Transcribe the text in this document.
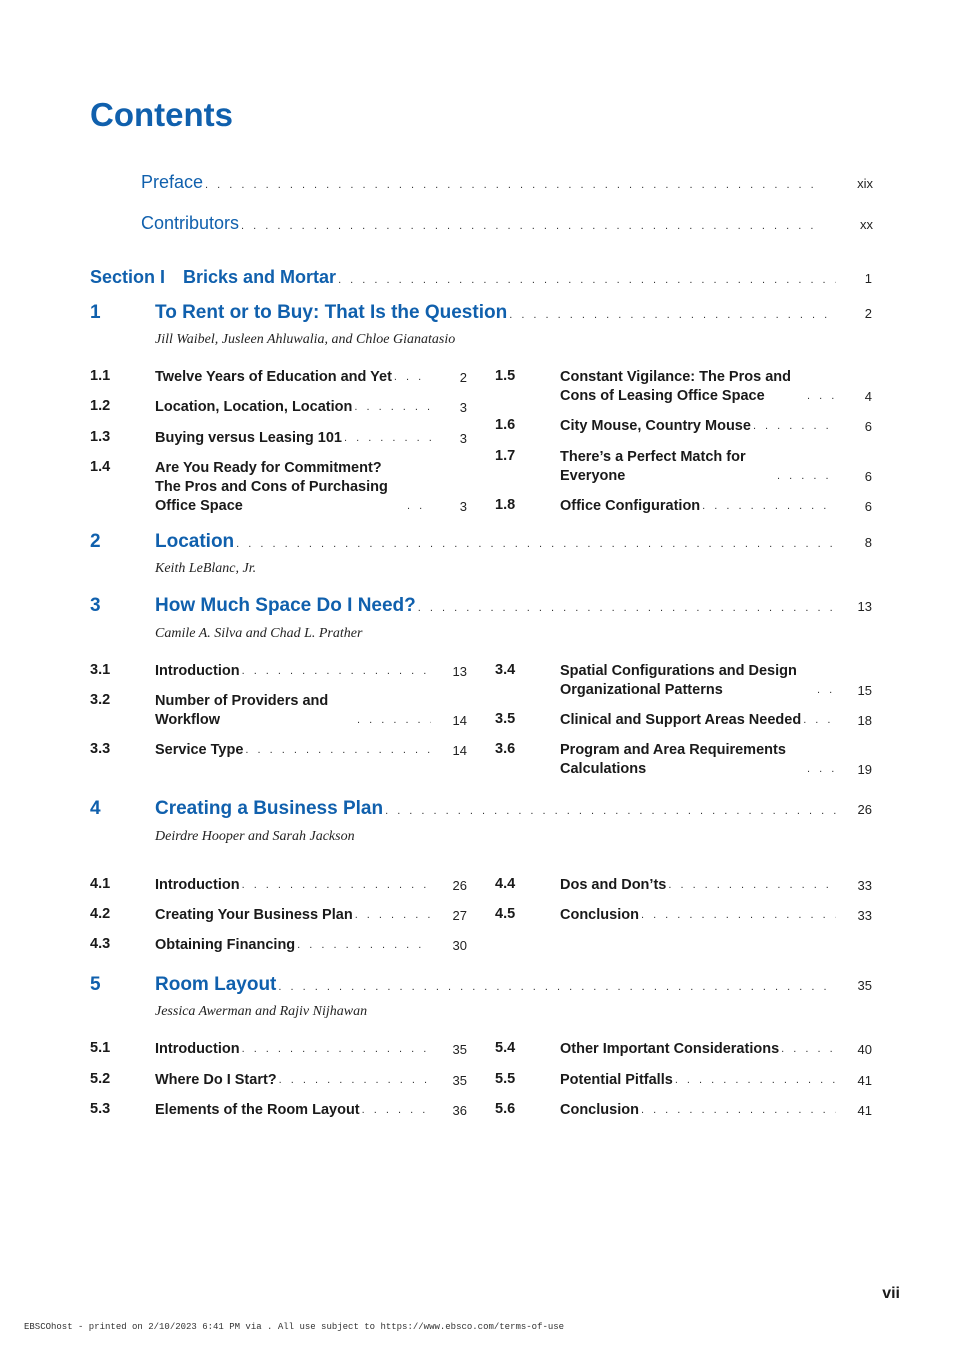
Contents
Preface . . .	xix
Contributors . . .	xx
Section I Bricks and Mortar . . .	1
1	To Rent or to Buy: That Is the Question . . .	2
Jill Waibel, Jusleen Ahluwalia, and Chloe Gianatasio
1.1	Twelve Years of Education and Yet . . .	2
1.2	Location, Location, Location . . .	3
1.3	Buying versus Leasing 101 . . .	3
1.4	Are You Ready for Commitment? The Pros and Cons of Purchasing Office Space . . .	3
1.5	Constant Vigilance: The Pros and Cons of Leasing Office Space . . .	4
1.6	City Mouse, Country Mouse . . .	6
1.7	There’s a Perfect Match for Everyone . . .	6
1.8	Office Configuration . . .	6
2	Location . . .	8
Keith LeBlanc, Jr.
3	How Much Space Do I Need? . . .	13
Camile A. Silva and Chad L. Prather
3.1	Introduction . . .	13
3.2	Number of Providers and Workflow . . .	14
3.3	Service Type . . .	14
3.4	Spatial Configurations and Design Organizational Patterns . . .	15
3.5	Clinical and Support Areas Needed . . .	18
3.6	Program and Area Requirements Calculations . . .	19
4	Creating a Business Plan . . .	26
Deirdre Hooper and Sarah Jackson
4.1	Introduction . . .	26
4.2	Creating Your Business Plan . . .	27
4.3	Obtaining Financing . . .	30
4.4	Dos and Don’ts . . .	33
4.5	Conclusion . . .	33
5	Room Layout . . .	35
Jessica Awerman and Rajiv Nijhawan
5.1	Introduction . . .	35
5.2	Where Do I Start? . . .	35
5.3	Elements of the Room Layout . . .	36
5.4	Other Important Considerations . . .	40
5.5	Potential Pitfalls . . .	41
5.6	Conclusion . . .	41
vii
EBSCOhost - printed on 2/10/2023 6:41 PM via . All use subject to https://www.ebsco.com/terms-of-use
